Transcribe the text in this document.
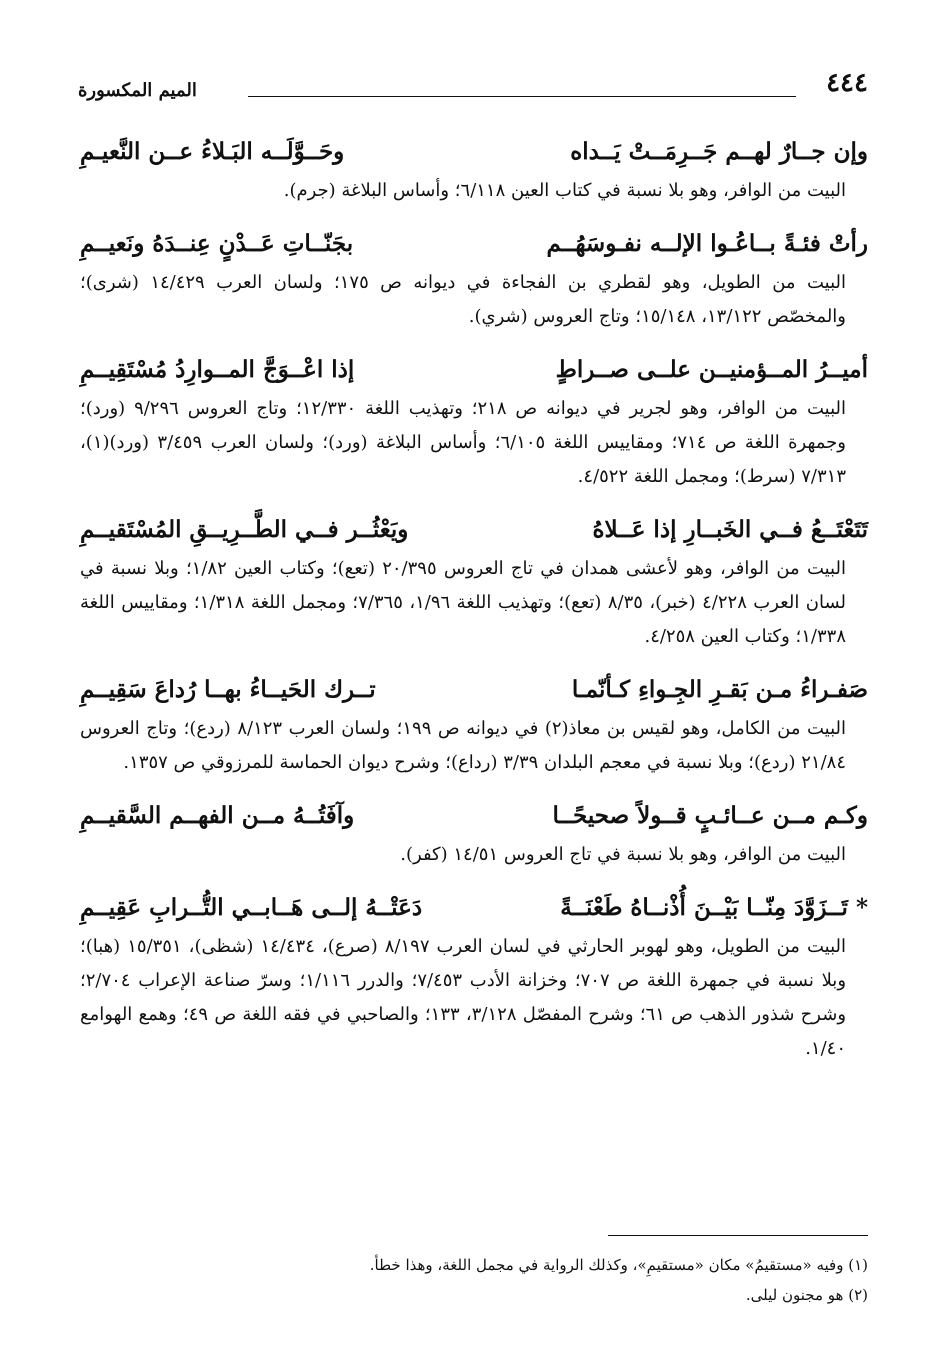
٤٤٤
الميم المكسورة
وإن جــارٌ لهــم جَــرِمَــتْ يَــداه
وحَــوَّلَــه البَـلاءُ عــن النَّعيـمِ

البيت من الوافر، وهو بلا نسبة في كتاب العين ٦/١١٨؛ وأساس البلاغة (جرم).

رأتْ فئـةً بــاعُـوا الإلــه نفـوسَهُــم
بجَنّــاتِ عَــدْنٍ عِنــدَهُ ونَعيــمِ

البيت من الطويل، وهو لقطري بن الفجاءة في ديوانه ص ١٧٥؛ ولسان العرب ١٤/٤٢٩ (شرى)؛ والمخصّص ١٣/١٢٢، ١٥/١٤٨؛ وتاج العروس (شري).

أميــرُ المــؤمنيــن علــى صــراطٍ
إذا اعْــوَجَّ المــوارِدُ مُسْتَقِيــمِ

البيت من الوافر، وهو لجرير في ديوانه ص ٢١٨؛ وتهذيب اللغة ١٢/٣٣٠؛ وتاج العروس ٩/٢٩٦ (ورد)؛ وجمهرة اللغة ص ٧١٤؛ ومقاييس اللغة ٦/١٠٥؛ وأساس البلاغة (ورد)؛ ولسان العرب ٣/٤٥٩ (ورد)(١)، ٧/٣١٣ (سرط)؛ ومجمل اللغة ٤/٥٢٢.

تَتَعْتَــعُ فــي الخَبــارِ إذا عَــلاهُ
ويَعْثُــر فــي الطَّــرِيــقِ المُسْتَقيــمِ

البيت من الوافر، وهو لأعشى همدان في تاج العروس ٢٠/٣٩٥ (تعع)؛ وكتاب العين ١/٨٢؛ وبلا نسبة في لسان العرب ٤/٢٢٨ (خبر)، ٨/٣٥ (تعع)؛ وتهذيب اللغة ١/٩٦، ٧/٣٦٥؛ ومجمل اللغة ١/٣١٨؛ ومقاييس اللغة ١/٣٣٨؛ وكتاب العين ٤/٢٥٨.

صَفـراءُ مـن بَقـرِ الجِـواءِ كـأنّمـا
تــرك الحَيــاءُ بهــا رُداعَ سَقِيــمِ

البيت من الكامل، وهو لقيس بن معاذ(٢) في ديوانه ص ١٩٩؛ ولسان العرب ٨/١٢٣ (ردع)؛ وتاج العروس ٢١/٨٤ (ردع)؛ وبلا نسبة في معجم البلدان ٣/٣٩ (رداع)؛ وشرح ديوان الحماسة للمرزوقي ص ١٣٥٧.

وكـم مــن عــائـبٍ قــولاً صحيحًــا
وآفَتُــهُ مــن الفهــم السَّقيــمِ

البيت من الوافر، وهو بلا نسبة في تاج العروس ١٤/٥١ (كفر).

* تَــزَوَّدَ مِنّــا بَيْــنَ أُذْنــاهُ طَعْنَــةً
دَعَتْــهُ إلــى هَــابــي التُّــرابِ عَقِيــمِ

البيت من الطويل، وهو لهوبر الحارثي في لسان العرب ٨/١٩٧ (صرع)، ١٤/٤٣٤ (شظى)، ١٥/٣٥١ (هبا)؛ وبلا نسبة في جمهرة اللغة ص ٧٠٧؛ وخزانة الأدب ٧/٤٥٣؛ والدرر ١/١١٦؛ وسرّ صناعة الإعراب ٢/٧٠٤؛ وشرح شذور الذهب ص ٦١؛ وشرح المفصّل ٣/١٢٨، ١٣٣؛ والصاحبي في فقه اللغة ص ٤٩؛ وهمع الهوامع ١/٤٠.

(١) وفيه «مستقيمُ» مكان «مستقيمِ»، وكذلك الرواية في مجمل اللغة، وهذا خطأ.
(٢) هو مجنون ليلى.
